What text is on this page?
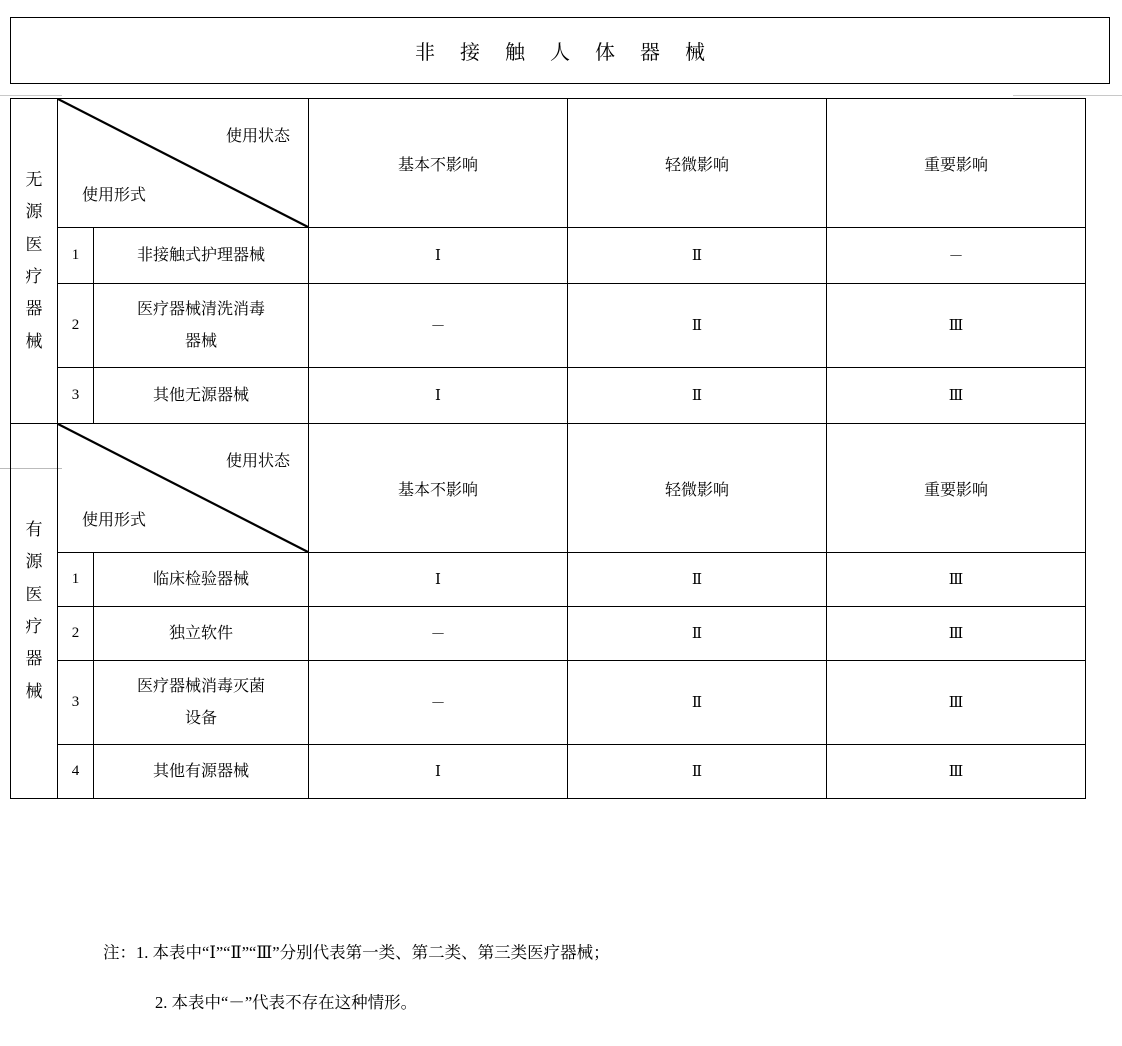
非 接 触 人 体 器 械
无
源
医
疗
器
械

使用状态
使用形式
	基本不影响	轻微影响	重要影响
	1	非接触式护理器械	Ⅰ	Ⅱ	－
	2	医疗器械清洗消毒
器械	－	Ⅱ	Ⅲ
	3	其他无源器械	Ⅰ	Ⅱ	Ⅲ

有
源
医
疗
器
械

使用状态
使用形式
	基本不影响	轻微影响	重要影响
	1	临床检验器械	Ⅰ	Ⅱ	Ⅲ
	2	独立软件	－	Ⅱ	Ⅲ
	3	医疗器械消毒灭菌
设备	－	Ⅱ	Ⅲ
	4	其他有源器械	Ⅰ	Ⅱ	Ⅲ

注：1. 本表中“Ⅰ”“Ⅱ”“Ⅲ”分别代表第一类、第二类、第三类医疗器械；

2. 本表中“－”代表不存在这种情形。
